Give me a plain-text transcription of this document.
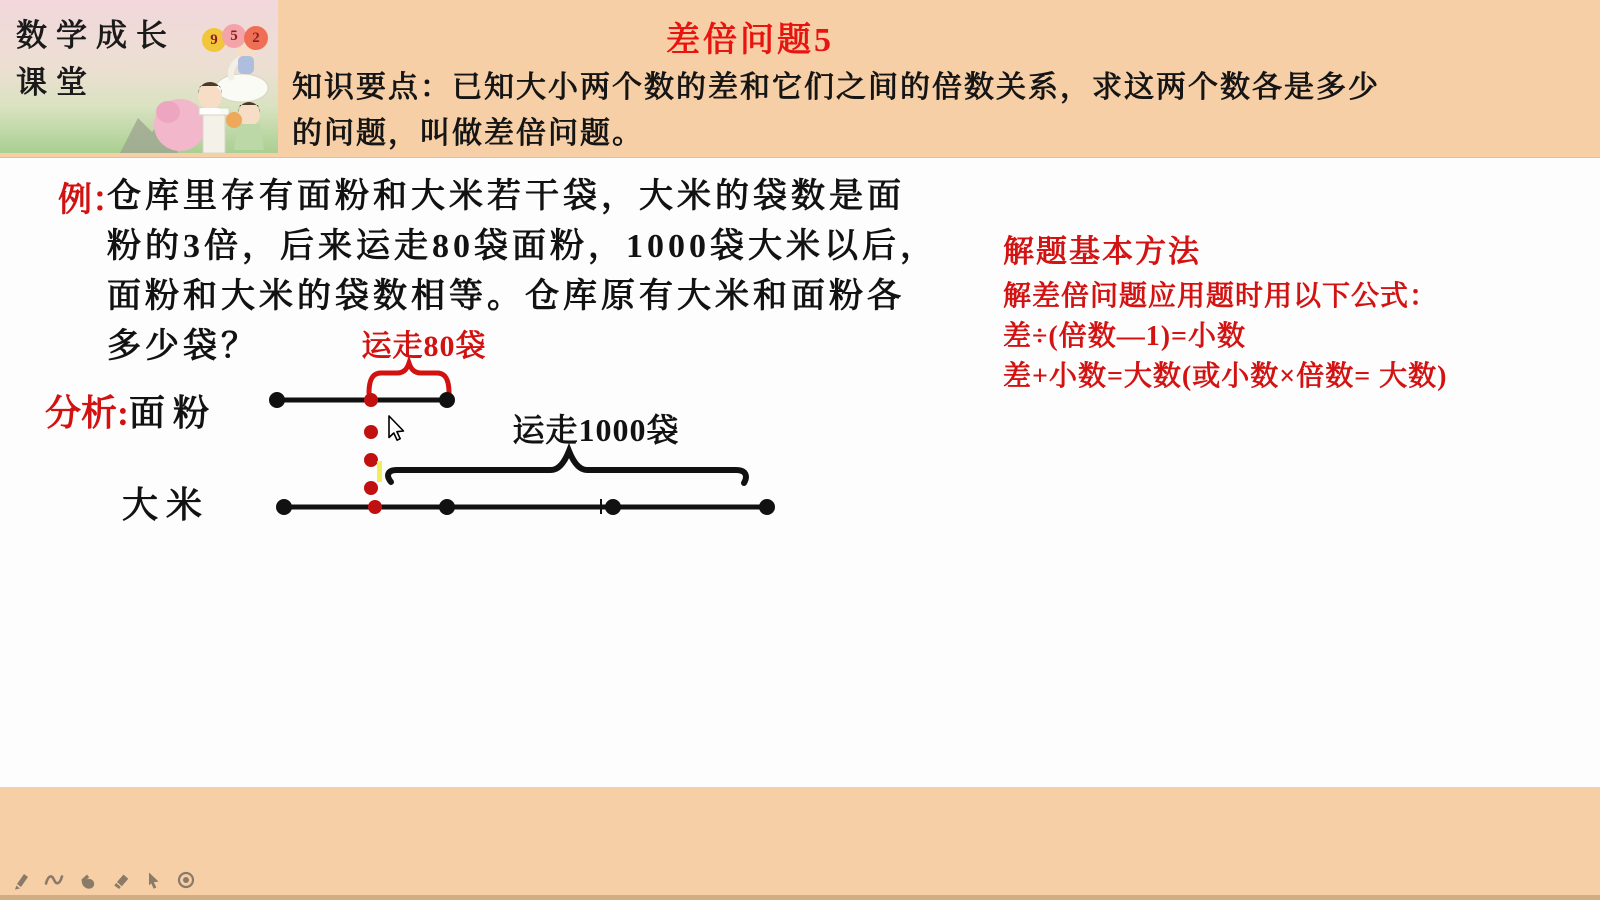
数学成长
课堂
9 5 2	差倍问题5
知识要点：已知大小两个数的差和它们之间的倍数关系，求这两个数各是多少
的问题，叫做差倍问题。
例：
仓库里存有面粉和大米若干袋，大米的袋数是面
粉的3倍，后来运走80袋面粉，1000袋大米以后，
面粉和大米的袋数相等。仓库原有大米和面粉各
多少袋？
分析:面粉
大米
解题基本方法
解差倍问题应用题时用以下公式：
差÷(倍数—1)=小数
差+小数=大数(或小数×倍数= 大数)
运走80袋
运走1000袋
